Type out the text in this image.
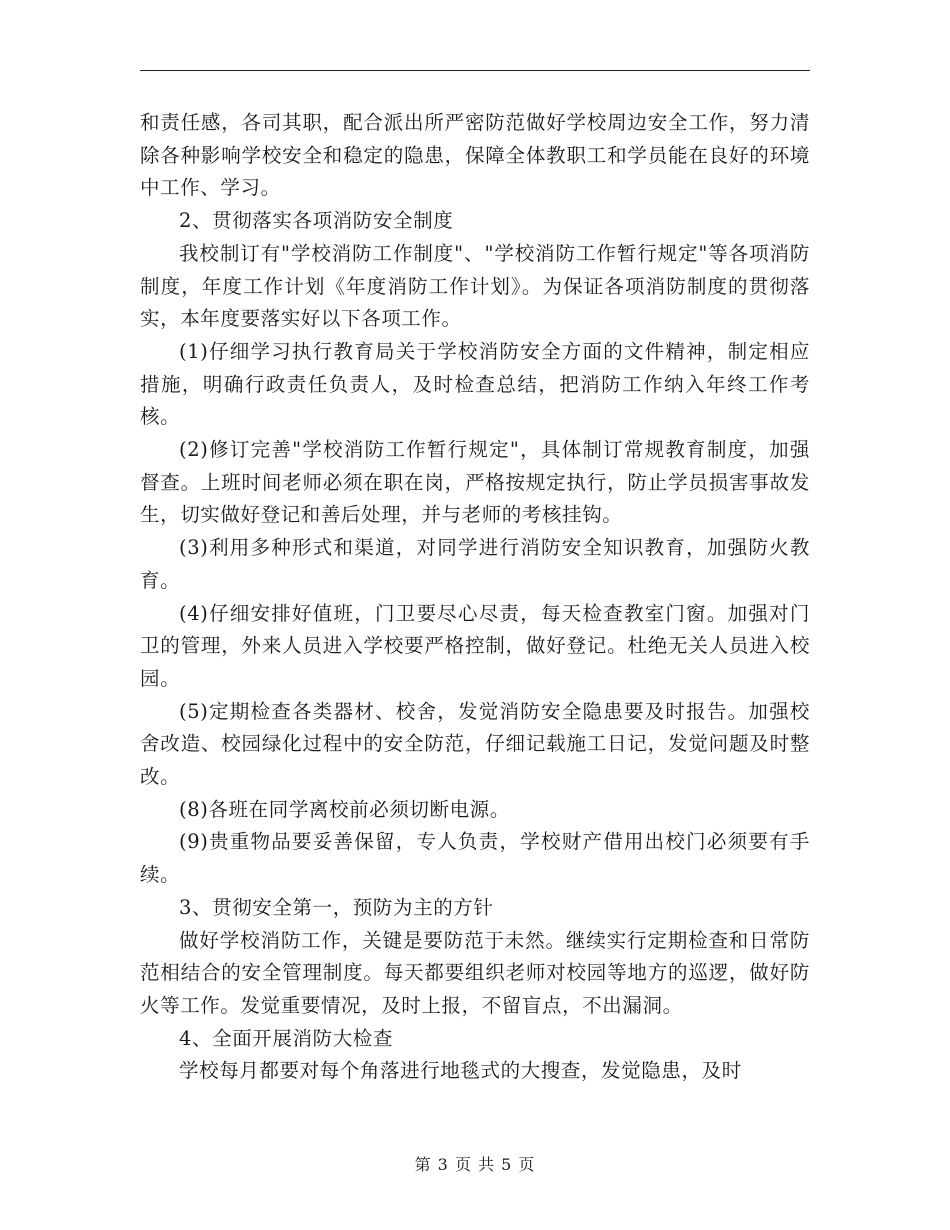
和责任感，各司其职，配合派出所严密防范做好学校周边安全工作，努力清除各种影响学校安全和稳定的隐患，保障全体教职工和学员能在良好的环境中工作、学习。

2、贯彻落实各项消防安全制度

我校制订有"学校消防工作制度"、"学校消防工作暂行规定"等各项消防制度，年度工作计划《年度消防工作计划》。为保证各项消防制度的贯彻落实，本年度要落实好以下各项工作。

(1)仔细学习执行教育局关于学校消防安全方面的文件精神，制定相应措施，明确行政责任负责人，及时检查总结，把消防工作纳入年终工作考核。

(2)修订完善"学校消防工作暂行规定"，具体制订常规教育制度，加强督查。上班时间老师必须在职在岗，严格按规定执行，防止学员损害事故发生，切实做好登记和善后处理，并与老师的考核挂钩。

(3)利用多种形式和渠道，对同学进行消防安全知识教育，加强防火教育。

(4)仔细安排好值班，门卫要尽心尽责，每天检查教室门窗。加强对门卫的管理，外来人员进入学校要严格控制，做好登记。杜绝无关人员进入校园。

(5)定期检查各类器材、校舍，发觉消防安全隐患要及时报告。加强校舍改造、校园绿化过程中的安全防范，仔细记载施工日记，发觉问题及时整改。

(8)各班在同学离校前必须切断电源。

(9)贵重物品要妥善保留，专人负责，学校财产借用出校门必须要有手续。

3、贯彻安全第一，预防为主的方针

做好学校消防工作，关键是要防范于未然。继续实行定期检查和日常防范相结合的安全管理制度。每天都要组织老师对校园等地方的巡逻，做好防火等工作。发觉重要情况，及时上报，不留盲点，不出漏洞。

4、全面开展消防大检查

学校每月都要对每个角落进行地毯式的大搜查，发觉隐患，及时

第 3 页 共 5 页
